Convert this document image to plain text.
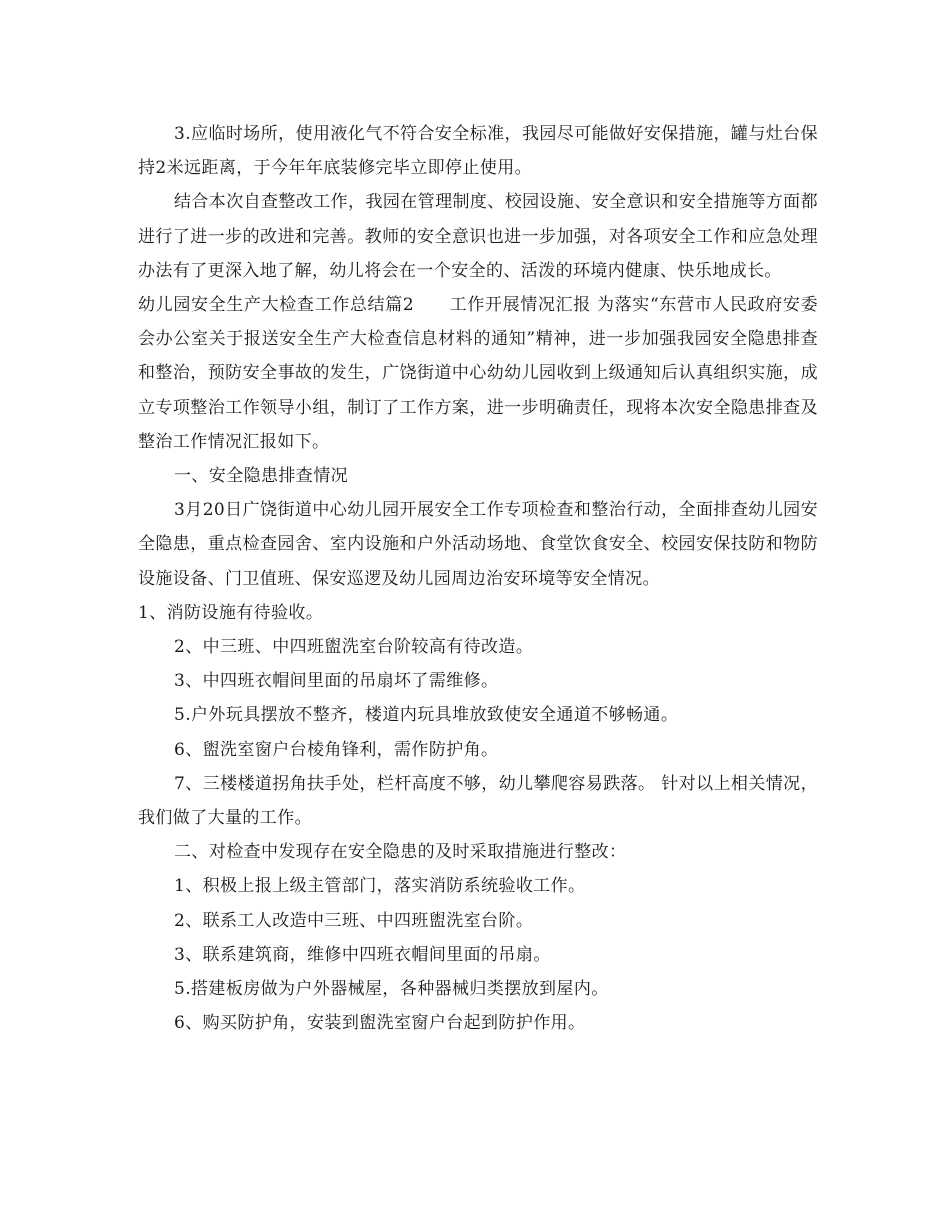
3.应临时场所，使用液化气不符合安全标准，我园尽可能做好安保措施，罐与灶台保持2米远距离，于今年年底装修完毕立即停止使用。

结合本次自查整改工作，我园在管理制度、校园设施、安全意识和安全措施等方面都进行了进一步的改进和完善。教师的安全意识也进一步加强，对各项安全工作和应急处理办法有了更深入地了解，幼儿将会在一个安全的、活泼的环境内健康、快乐地成长。

幼儿园安全生产大检查工作总结篇2　　工作开展情况汇报 为落实“东营市人民政府安委会办公室关于报送安全生产大检查信息材料的通知”精神，进一步加强我园安全隐患排查和整治，预防安全事故的发生，广饶街道中心幼幼儿园收到上级通知后认真组织实施，成立专项整治工作领导小组，制订了工作方案，进一步明确责任，现将本次安全隐患排查及整治工作情况汇报如下。

一、安全隐患排查情况

3月20日广饶街道中心幼儿园开展安全工作专项检查和整治行动，全面排查幼儿园安全隐患，重点检查园舍、室内设施和户外活动场地、食堂饮食安全、校园安保技防和物防设施设备、门卫值班、保安巡逻及幼儿园周边治安环境等安全情况。

1、消防设施有待验收。

2、中三班、中四班盥洗室台阶较高有待改造。

3、中四班衣帽间里面的吊扇坏了需维修。

5.户外玩具摆放不整齐，楼道内玩具堆放致使安全通道不够畅通。

6、盥洗室窗户台棱角锋利，需作防护角。

7、三楼楼道拐角扶手处，栏杆高度不够，幼儿攀爬容易跌落。 针对以上相关情况，我们做了大量的工作。

二、对检查中发现存在安全隐患的及时采取措施进行整改：

1、积极上报上级主管部门，落实消防系统验收工作。

2、联系工人改造中三班、中四班盥洗室台阶。

3、联系建筑商，维修中四班衣帽间里面的吊扇。

5.搭建板房做为户外器械屋，各种器械归类摆放到屋内。

6、购买防护角，安装到盥洗室窗户台起到防护作用。
